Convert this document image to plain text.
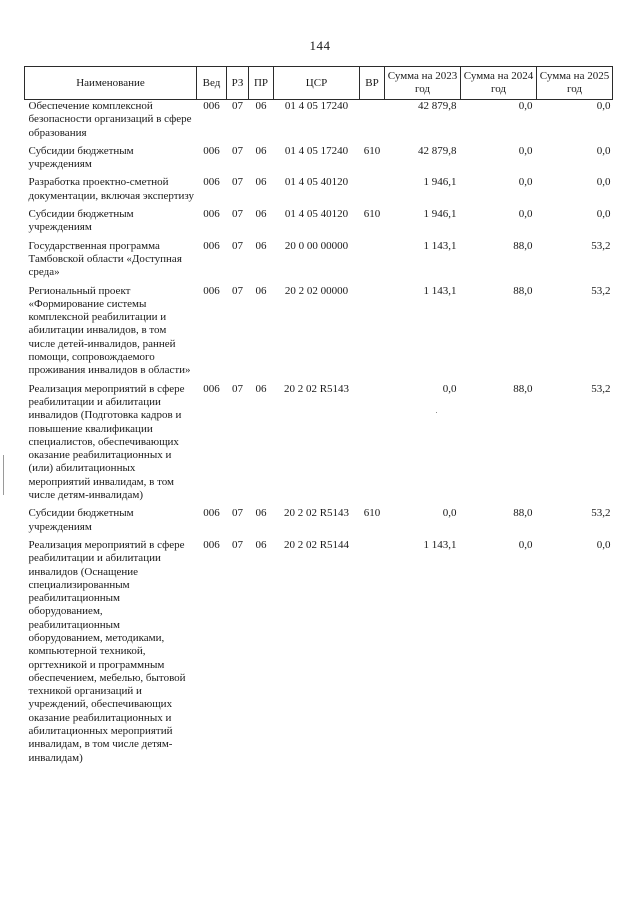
144
Наименование	Вед	РЗ	ПР	ЦСР	ВР	Сумма на 2023 год	Сумма на 2024 год	Сумма на 2025 год
Обеспечение комплексной безопасности организаций в сфере образования	006	07	06	01 4 05 17240		42 879,8	0,0	0,0
Субсидии бюджетным учреждениям	006	07	06	01 4 05 17240	610	42 879,8	0,0	0,0
Разработка проектно-сметной документации, включая экспертизу	006	07	06	01 4 05 40120		1 946,1	0,0	0,0
Субсидии бюджетным учреждениям	006	07	06	01 4 05 40120	610	1 946,1	0,0	0,0
Государственная программа Тамбовской области «Доступная среда»	006	07	06	20 0 00 00000		1 143,1	88,0	53,2
Региональный проект «Формирование системы комплексной реабилитации и абилитации инвалидов, в том числе детей-инвалидов, ранней помощи, сопровождаемого проживания инвалидов в области»	006	07	06	20 2 02 00000		1 143,1	88,0	53,2
Реализация мероприятий в сфере реабилитации и абилитации инвалидов (Подготовка кадров и повышение квалификации специалистов, обеспечивающих оказание реабилитационных и (или) абилитационных мероприятий инвалидам, в том числе детям-инвалидам)	006	07	06	20 2 02 R5143		0,0	88,0	53,2
Субсидии бюджетным учреждениям	006	07	06	20 2 02 R5143	610	0,0	88,0	53,2
Реализация мероприятий в сфере реабилитации и абилитации инвалидов (Оснащение специализированным реабилитационным оборудованием, реабилитационным оборудованием, методиками, компьютерной техникой, оргтехникой и программным обеспечением, мебелью, бытовой техникой организаций и учреждений, обеспечивающих оказание реабилитационных и абилитационных мероприятий инвалидам, в том числе детям-инвалидам)	006	07	06	20 2 02 R5144		1 143,1	0,0	0,0
